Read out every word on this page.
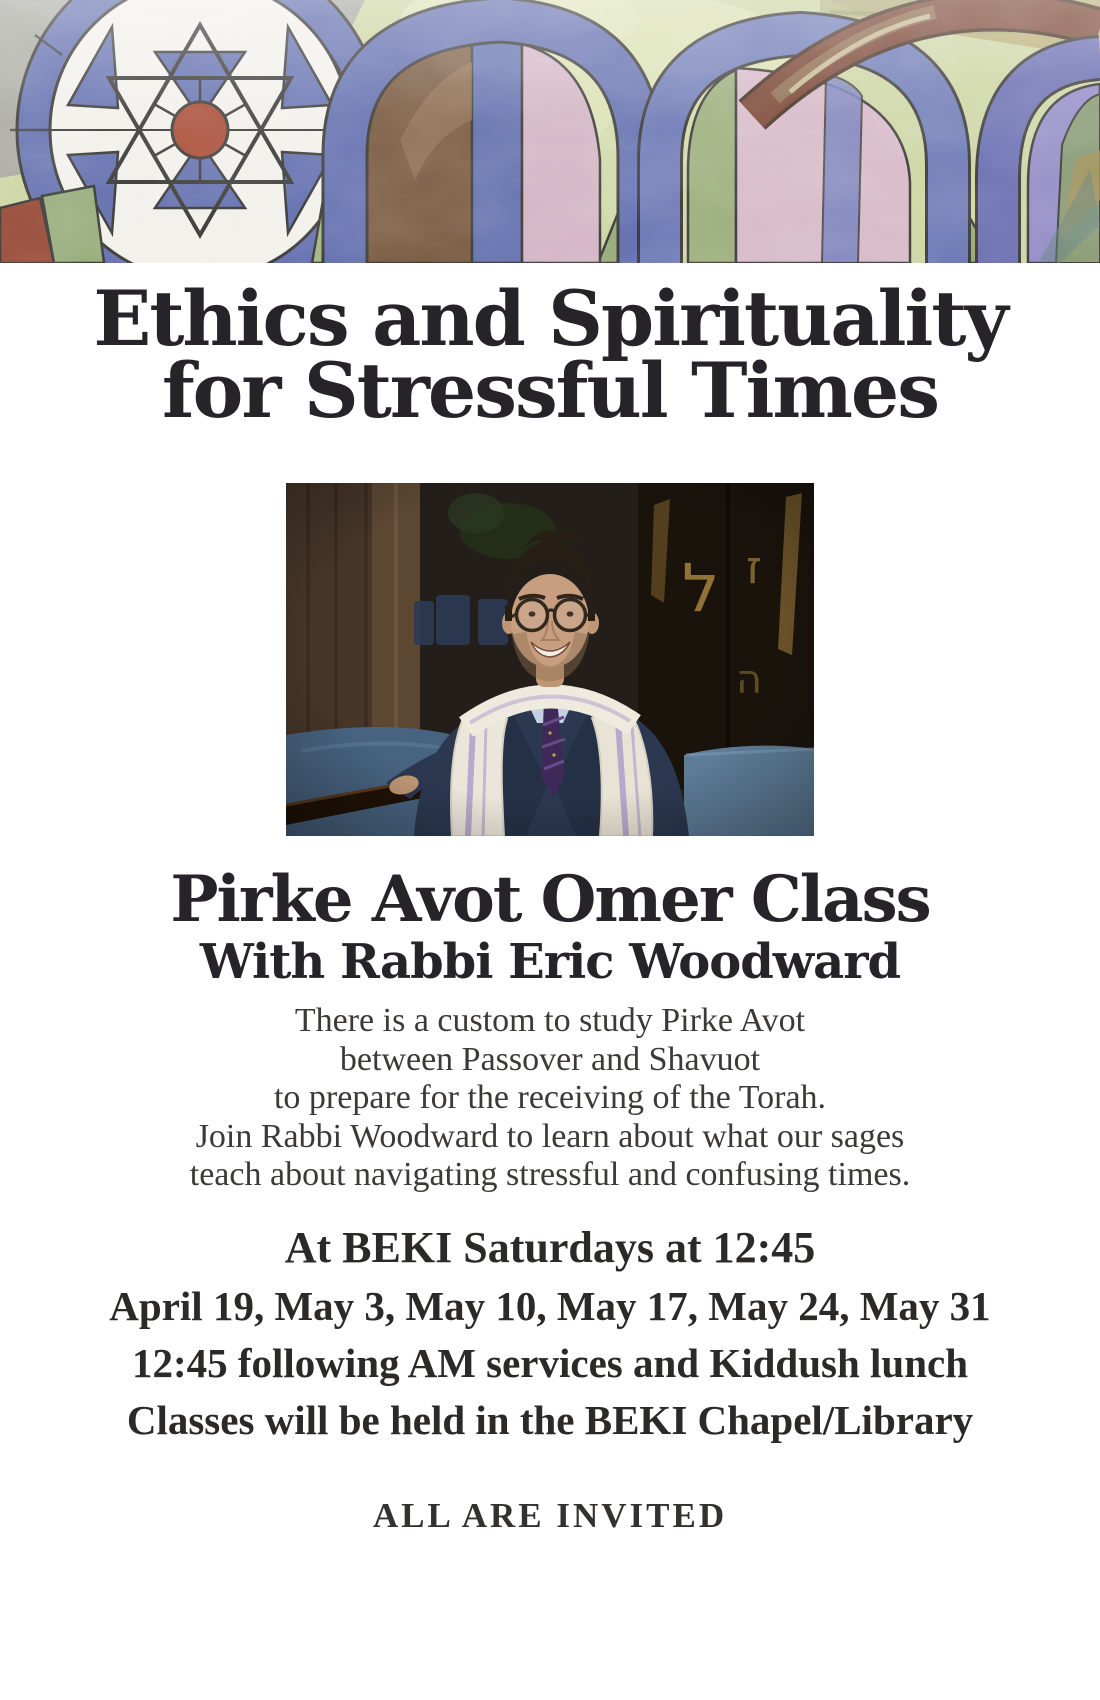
Ethics and Spirituality
for Stressful Times
Pirke Avot Omer Class
With Rabbi Eric Woodward
There is a custom to study Pirke Avot
between Passover and Shavuot
to prepare for the receiving of the Torah.
Join Rabbi Woodward to learn about what our sages
teach about navigating stressful and confusing times.
At BEKI Saturdays at 12:45
April 19, May 3, May 10, May 17, May 24, May 31
12:45 following AM services and Kiddush lunch
Classes will be held in the BEKI Chapel/Library
ALL ARE INVITED
